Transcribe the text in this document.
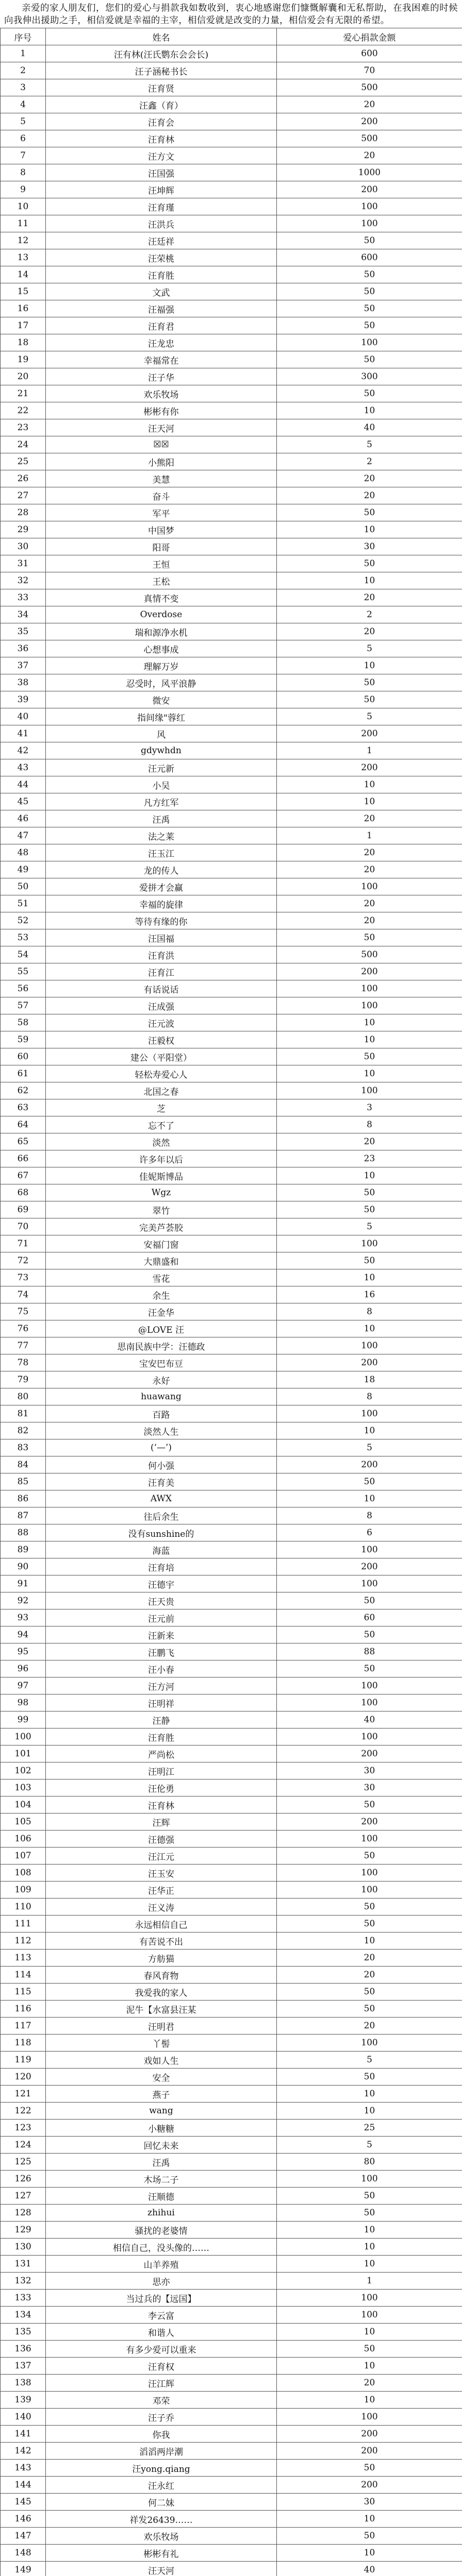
亲爱的家人朋友们，您们的爱心与捐款我如数收到，衷心地感谢您们慷慨解囊和无私帮助，在我困难的时候向我伸出援助之手，相信爱就是幸福的主宰，相信爱就是改变的力量，相信爱会有无限的希望。

序号	姓名	爱心捐款金额
1	汪有林(汪氏鹦东会会长)	600
2	汪子涵秘书长	70
3	汪育贤	500
4	汪鑫（育）	20
5	汪育会	200
6	汪育林	500
7	汪方文	20
8	汪国强	1000
9	汪坤辉	200
10	汪育瑾	100
11	汪洪兵	100
12	汪廷祥	50
13	汪荣桃	600
14	汪育胜	50
15	文武	50
16	汪福强	50
17	汪育君	50
18	汪龙忠	100
19	幸福常在	50
20	汪子华	300
21	欢乐牧场	50
22	彬彬有你	10
23	汪天河	40
24	☒☒	5
25	小熊阳	2
26	美慧	20
27	奋斗	20
28	军平	50
29	中国梦	10
30	阳哥	30
31	王恒	50
32	王松	10
33	真情不变	20
34	Overdose	2
35	瑞和源净水机	20
36	心想事成	5
37	理解万岁	10
38	忍受时，风平浪静	50
39	微安	50
40	指间缘"蓉红	5
41	风	200
42	gdywhdn	1
43	汪元新	200
44	小吴	10
45	凡方红军	10
46	汪禹	20
47	法之莱	1
48	汪玉江	20
49	龙的传人	20
50	爱拼才会赢	100
51	幸福的旋律	20
52	等待有缘的你	20
53	汪国福	50
54	汪育洪	500
55	汪育江	200
56	有话说话	100
57	汪成强	100
58	汪元波	10
59	汪毅权	10
60	建公（平阳堂）	50
61	轻松寿爱心人	10
62	北国之春	100
63	芝	3
64	忘不了	8
65	淡然	20
66	许多年以后	23
67	佳妮斯博品	10
68	Wgz	50
69	翠竹	50
70	完美芦荟胶	5
71	安福门窗	100
72	大鼎盛和	50
73	雪花	10
74	余生	16
75	汪金华	8
76	@LOVE 汪	10
77	思南民族中学：汪德政	100
78	宝安巴布豆	200
79	永好	18
80	huawang	8
81	百路	100
82	淡然人生	10
83	(‘—’)	5
84	何小强	200
85	汪育美	50
86	AWX	10
87	往后余生	8
88	没有sunshine的	6
89	海蓝	100
90	汪育培	200
91	汪德宇	100
92	汪天贵	50
93	汪元前	60
94	汪新来	50
95	汪鹏飞	88
96	汪小春	50
97	汪方河	100
98	汪明祥	100
99	汪静	40
100	汪育胜	100
101	严尚松	200
102	汪明江	30
103	汪伦勇	30
104	汪育林	50
105	汪辉	200
106	汪德强	100
107	汪江元	50
108	汪玉安	100
109	汪华正	100
110	汪义涛	50
111	永远相信自己	50
112	有苦说不出	10
113	方舫猫	20
114	春风育物	20
115	我爱我的家人	50
116	泥牛【水富县汪某	50
117	汪明君	20
118	丫髻	100
119	戏如人生	5
120	安全	50
121	燕子	10
122	wang	10
123	小糖糖	25
124	回忆未来	5
125	汪禹	80
126	木场二子	100
127	汪顺德	50
128	zhihui	50
129	骚扰的老婆情	10
130	相信自己，没头像的……	10
131	山羊养殖	10
132	思亦	1
133	当过兵的【远国】	100
134	李云富	100
135	和谐人	10
136	有多少爱可以重来	50
137	汪育权	10
138	汪江辉	20
139	邓荣	10
140	汪子乔	100
141	你我	200
142	滔滔两岸潮	200
143	汪yong.qiang	50
144	汪永红	200
145	何二妹	30
146	祥发26439……	10
147	欢乐牧场	50
148	彬彬有礼	10
149	汪天河	40
